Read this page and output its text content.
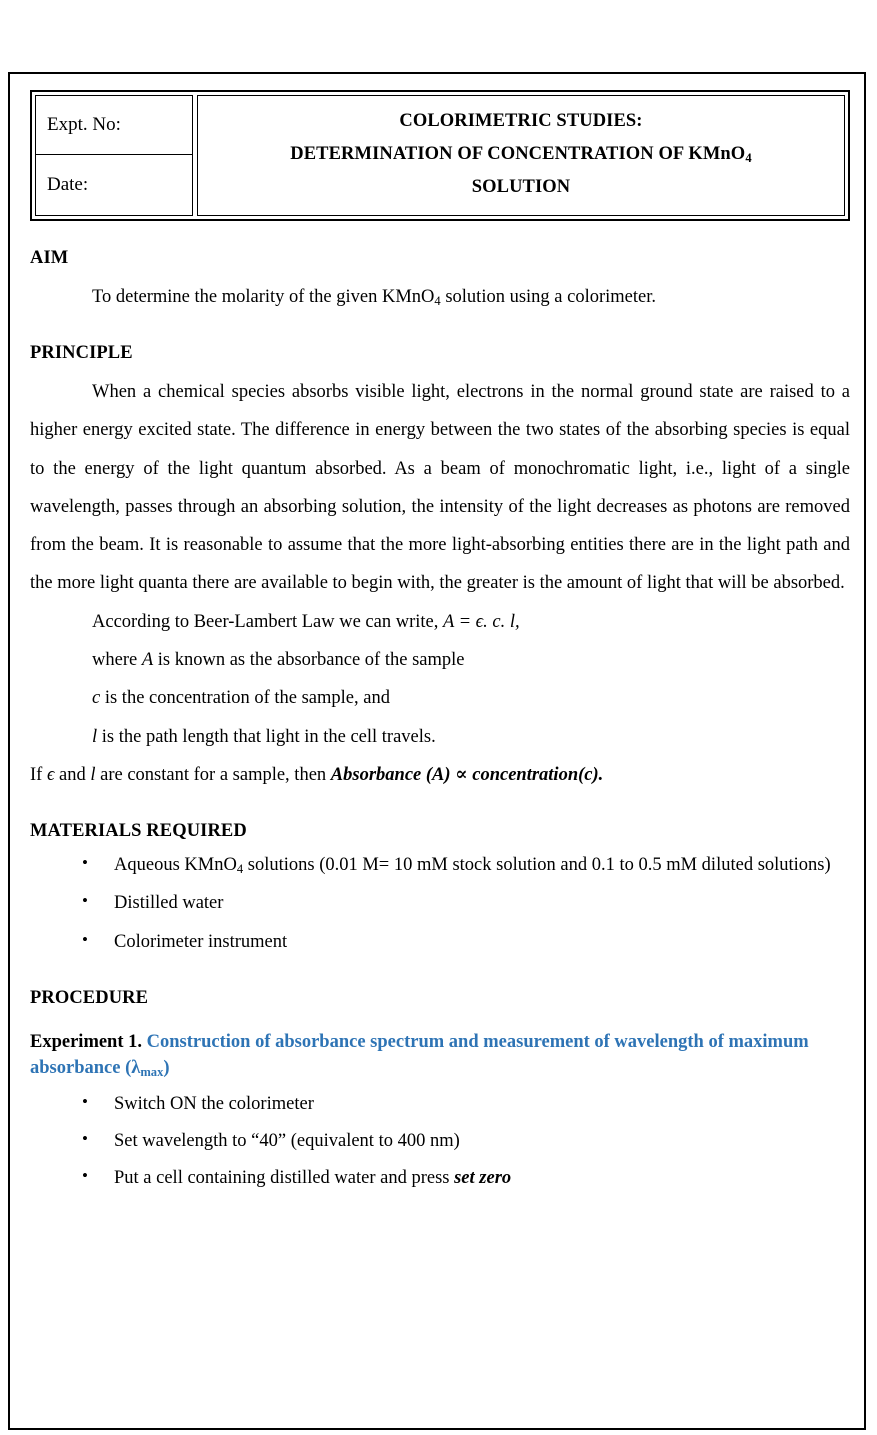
Expt. No:
Date:
COLORIMETRIC STUDIES:
DETERMINATION OF CONCENTRATION OF KMnO$_4$
SOLUTION
AIM

To determine the molarity of the given KMnO$_4$ solution using a colorimeter.

PRINCIPLE

When a chemical species absorbs visible light, electrons in the normal ground state are raised to a higher energy excited state. The difference in energy between the two states of the absorbing species is equal to the energy of the light quantum absorbed. As a beam of monochromatic light, i.e., light of a single wavelength, passes through an absorbing solution, the intensity of the light decreases as photons are removed from the beam. It is reasonable to assume that the more light-absorbing entities there are in the light path and the more light quanta there are available to begin with, the greater is the amount of light that will be absorbed.

According to Beer-Lambert Law we can write, A = ϵ. c. l,

where A is known as the absorbance of the sample

c is the concentration of the sample, and

l is the path length that light in the cell travels.

If ϵ and l are constant for a sample, then Absorbance (A) ∝ concentration(c).

MATERIALS REQUIRED
• Aqueous KMnO$_4$ solutions (0.01 M= 10 mM stock solution and 0.1 to 0.5 mM diluted solutions)
• Distilled water
• Colorimeter instrument
PROCEDURE
Experiment 1. Construction of absorbance spectrum and measurement of wavelength of maximum absorbance $(\lambda_{max})$
• Switch ON the colorimeter
• Set wavelength to “40” (equivalent to 400 nm)
• Put a cell containing distilled water and press set zero
